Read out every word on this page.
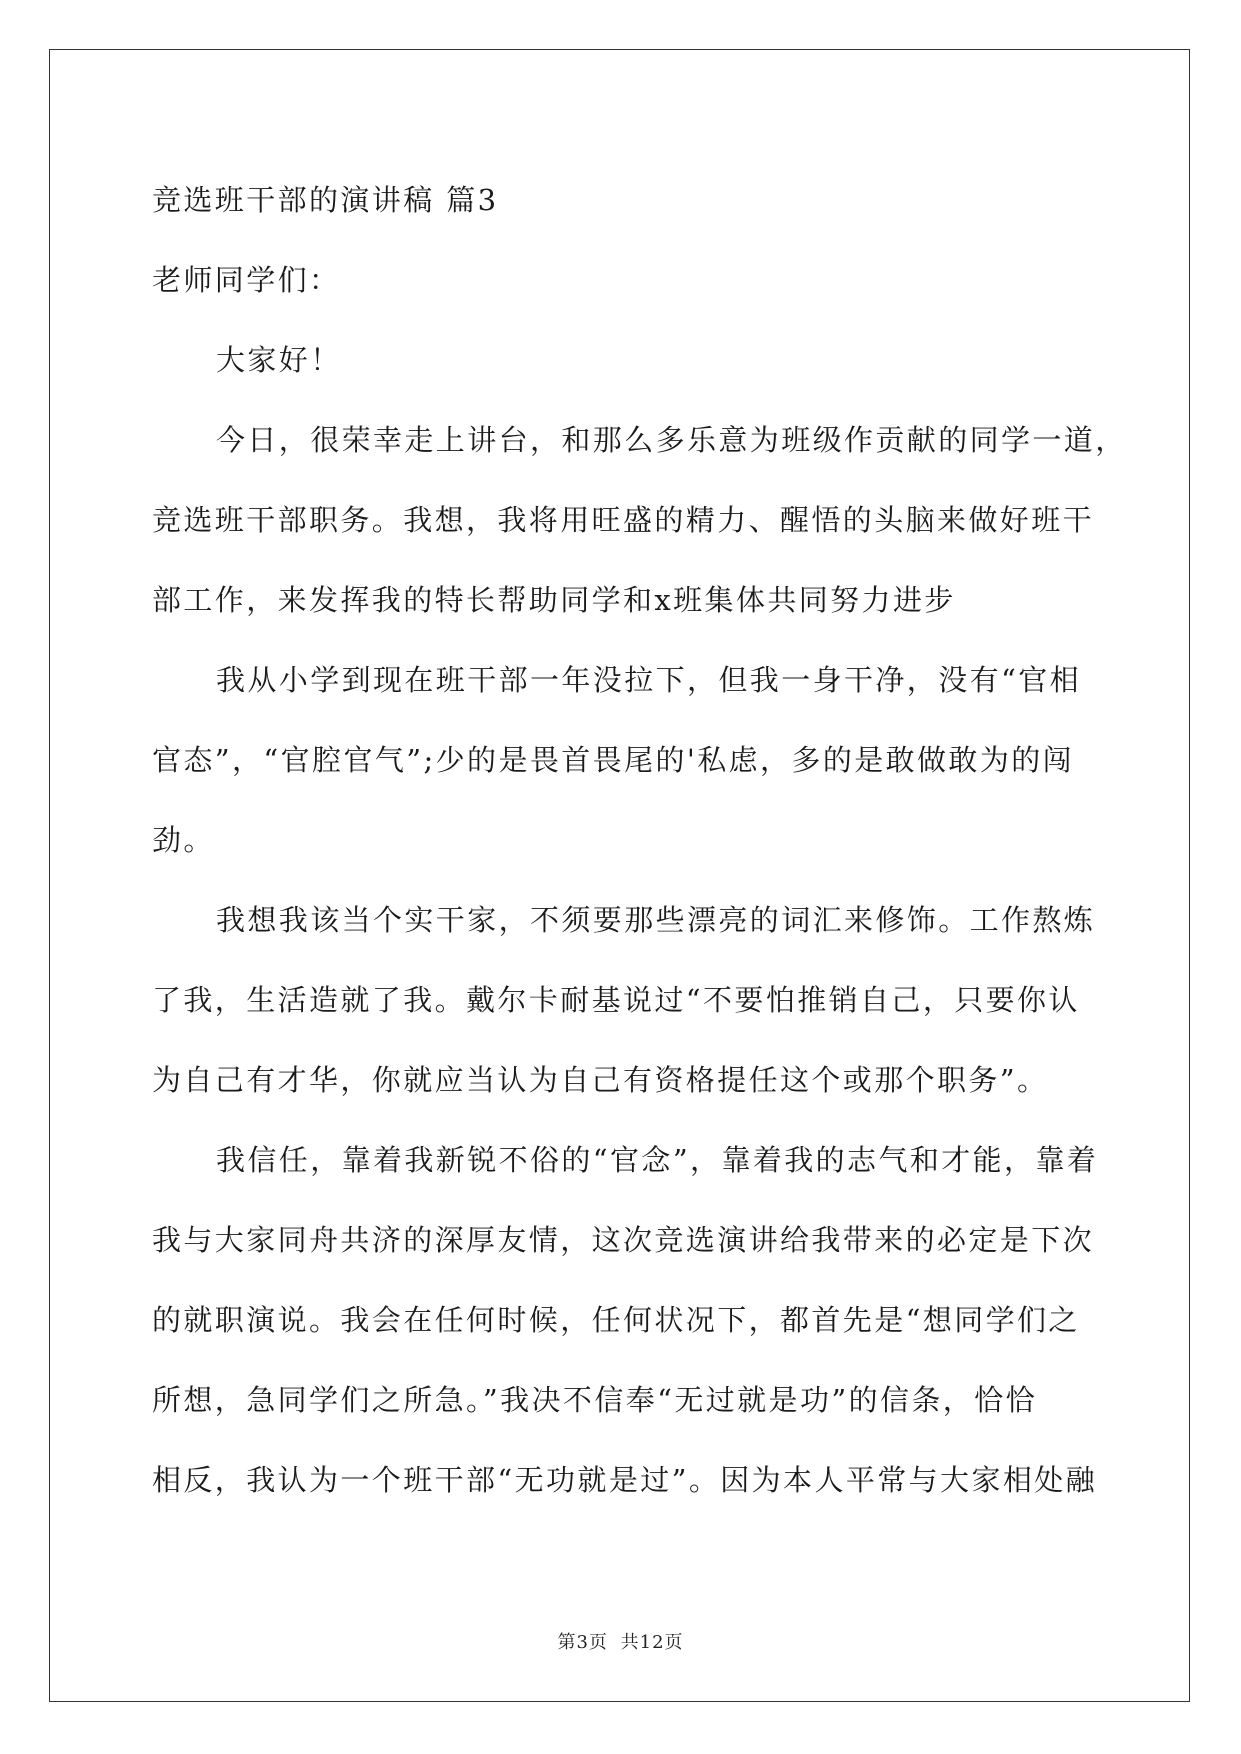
竞选班干部的演讲稿 篇3
老师同学们：
大家好！
今日，很荣幸走上讲台，和那么多乐意为班级作贡献的同学一道，
竞选班干部职务。我想，我将用旺盛的精力、醒悟的头脑来做好班干
部工作，来发挥我的特长帮助同学和x班集体共同努力进步
我从小学到现在班干部一年没拉下，但我一身干净，没有“官相
官态”，“官腔官气”;少的是畏首畏尾的'私虑，多的是敢做敢为的闯
劲。
我想我该当个实干家，不须要那些漂亮的词汇来修饰。工作熬炼
了我，生活造就了我。戴尔卡耐基说过“不要怕推销自己，只要你认
为自己有才华，你就应当认为自己有资格提任这个或那个职务”。
我信任，靠着我新锐不俗的“官念”，靠着我的志气和才能，靠着
我与大家同舟共济的深厚友情，这次竞选演讲给我带来的必定是下次
的就职演说。我会在任何时候，任何状况下，都首先是“想同学们之
所想，急同学们之所急。”我决不信奉“无过就是功”的信条，恰恰
相反，我认为一个班干部“无功就是过”。因为本人平常与大家相处融
第3页 共12页
